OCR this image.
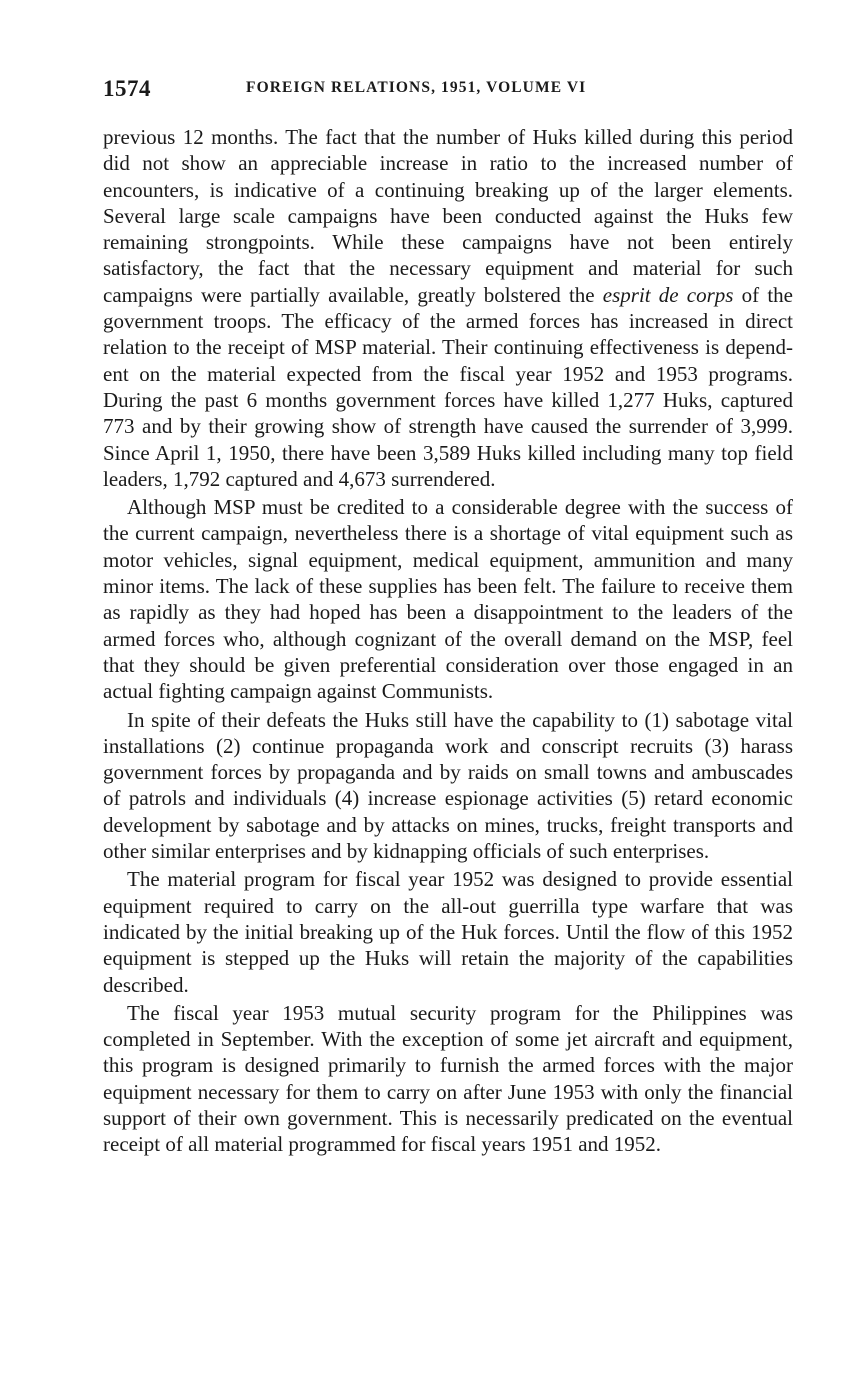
1574	FOREIGN RELATIONS, 1951, VOLUME VI

previous 12 months. The fact that the number of Huks killed during this period did not show an appreciable increase in ratio to the increased number of encounters, is indicative of a continuing breaking up of the larger elements. Several large scale campaigns have been conducted against the Huks few remaining strongpoints. While these campaigns have not been entirely satisfactory, the fact that the necessary equipment and material for such campaigns were partially available, greatly bolstered the esprit de corps of the government troops. The efficacy of the armed forces has increased in direct relation to the receipt of MSP material. Their continuing effectiveness is dependent on the material expected from the fiscal year 1952 and 1953 programs. During the past 6 months government forces have killed 1,277 Huks, captured 773 and by their growing show of strength have caused the surrender of 3,999. Since April 1, 1950, there have been 3,589 Huks killed including many top field leaders, 1,792 captured and 4,673 surrendered.

Although MSP must be credited to a considerable degree with the success of the current campaign, nevertheless there is a shortage of vital equipment such as motor vehicles, signal equipment, medical equipment, ammunition and many minor items. The lack of these supplies has been felt. The failure to receive them as rapidly as they had hoped has been a disappointment to the leaders of the armed forces who, although cognizant of the overall demand on the MSP, feel that they should be given preferential consideration over those engaged in an actual fighting campaign against Communists.

In spite of their defeats the Huks still have the capability to (1) sabotage vital installations (2) continue propaganda work and conscript recruits (3) harass government forces by propaganda and by raids on small towns and ambuscades of patrols and individuals (4) increase espionage activities (5) retard economic development by sabotage and by attacks on mines, trucks, freight transports and other similar enterprises and by kidnapping officials of such enterprises.

The material program for fiscal year 1952 was designed to provide essential equipment required to carry on the all-out guerrilla type warfare that was indicated by the initial breaking up of the Huk forces. Until the flow of this 1952 equipment is stepped up the Huks will retain the majority of the capabilities described.

The fiscal year 1953 mutual security program for the Philippines was completed in September. With the exception of some jet aircraft and equipment, this program is designed primarily to furnish the armed forces with the major equipment necessary for them to carry on after June 1953 with only the financial support of their own government. This is necessarily predicated on the eventual receipt of all material programmed for fiscal years 1951 and 1952.
